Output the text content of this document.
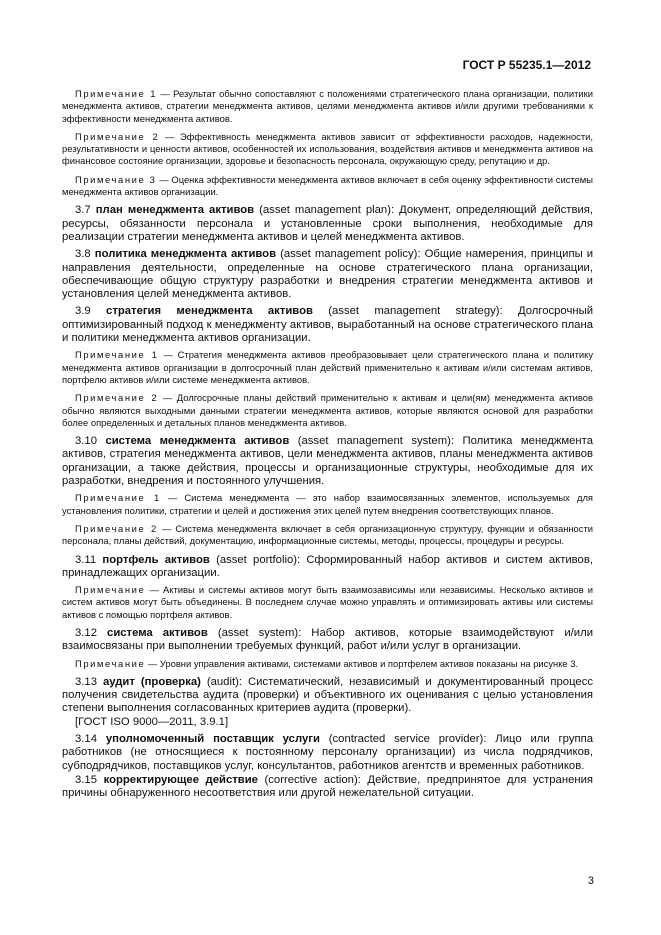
ГОСТ Р 55235.1—2012

Примечание 1 — Результат обычно сопоставляют с положениями стратегического плана организации, политики менеджмента активов, стратегии менеджмента активов, целями менеджмента активов и/или другими требованиями к эффективности менеджмента активов.

Примечание 2 — Эффективность менеджмента активов зависит от эффективности расходов, надежности, результативности и ценности активов, особенностей их использования, воздействия активов и менеджмента активов на финансовое состояние организации, здоровье и безопасность персонала, окружающую среду, репутацию и др.

Примечание 3 — Оценка эффективности менеджмента активов включает в себя оценку эффективности системы менеджмента активов организации.

3.7 план менеджмента активов (asset management plan): Документ, определяющий действия, ресурсы, обязанности персонала и установленные сроки выполнения, необходимые для реализации стратегии менеджмента активов и целей менеджмента активов.

3.8 политика менеджмента активов (asset management policy): Общие намерения, принципы и направления деятельности, определенные на основе стратегического плана организации, обеспечивающие общую структуру разработки и внедрения стратегии менеджмента активов и установления целей менеджмента активов.

3.9 стратегия менеджмента активов (asset management strategy): Долгосрочный оптимизированный подход к менеджменту активов, выработанный на основе стратегического плана и политики менеджмента активов организации.

Примечание 1 — Стратегия менеджмента активов преобразовывает цели стратегического плана и политику менеджмента активов организации в долгосрочный план действий применительно к активам и/или системам активов, портфелю активов и/или системе менеджмента активов.

Примечание 2 — Долгосрочные планы действий применительно к активам и цели(ям) менеджмента активов обычно являются выходными данными стратегии менеджмента активов, которые являются основой для разработки более определенных и детальных планов менеджмента активов.

3.10 система менеджмента активов (asset management system): Политика менеджмента активов, стратегия менеджмента активов, цели менеджмента активов, планы менеджмента активов организации, а также действия, процессы и организационные структуры, необходимые для их разработки, внедрения и постоянного улучшения.

Примечание 1 — Система менеджмента — это набор взаимосвязанных элементов, используемых для установления политики, стратегии и целей и достижения этих целей путем внедрения соответствующих планов.

Примечание 2 — Система менеджмента включает в себя организационную структуру, функции и обязанности персонала, планы действий, документацию, информационные системы, методы, процессы, процедуры и ресурсы.

3.11 портфель активов (asset portfolio): Сформированный набор активов и систем активов, принадлежащих организации.

Примечание — Активы и системы активов могут быть взаимозависимы или независимы. Несколько активов и систем активов могут быть объединены. В последнем случае можно управлять и оптимизировать активы или системы активов с помощью портфеля активов.

3.12 система активов (asset system): Набор активов, которые взаимодействуют и/или взаимосвязаны при выполнении требуемых функций, работ и/или услуг в организации.

Примечание — Уровни управления активами, системами активов и портфелем активов показаны на рисунке 3.

3.13 аудит (проверка) (audit): Систематический, независимый и документированный процесс получения свидетельства аудита (проверки) и объективного их оценивания с целью установления степени выполнения согласованных критериев аудита (проверки).

[ГОСТ ISO 9000—2011, 3.9.1]

3.14 уполномоченный поставщик услуги (contracted service provider): Лицо или группа работников (не относящиеся к постоянному персоналу организации) из числа подрядчиков, субподрядчиков, поставщиков услуг, консультантов, работников агентств и временных работников.

3.15 корректирующее действие (corrective action): Действие, предпринятое для устранения причины обнаруженного несоответствия или другой нежелательной ситуации.

3
